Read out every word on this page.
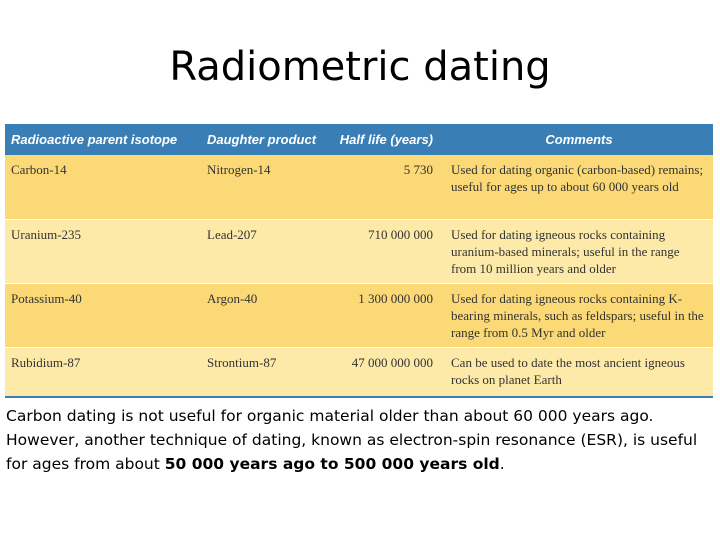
Radiometric dating
Radioactive parent isotope	Daughter product	Half life (years)	Comments
Carbon-14	Nitrogen-14	5 730	Used for dating organic (carbon-based) remains; useful for ages up to about 60 000 years old
Uranium-235	Lead-207	710 000 000	Used for dating igneous rocks containing uranium-based minerals; useful in the range from 10 million years and older
Potassium-40	Argon-40	1 300 000 000	Used for dating igneous rocks containing K-bearing minerals, such as feldspars; useful in the range from 0.5 Myr and older
Rubidium-87	Strontium-87	47 000 000 000	Can be used to date the most ancient igneous rocks on planet Earth
Carbon dating is not useful for organic material older than about 60 000 years ago. However, another technique of dating, known as electron-spin resonance (ESR), is useful for ages from about 50 000 years ago to 500 000 years old.
